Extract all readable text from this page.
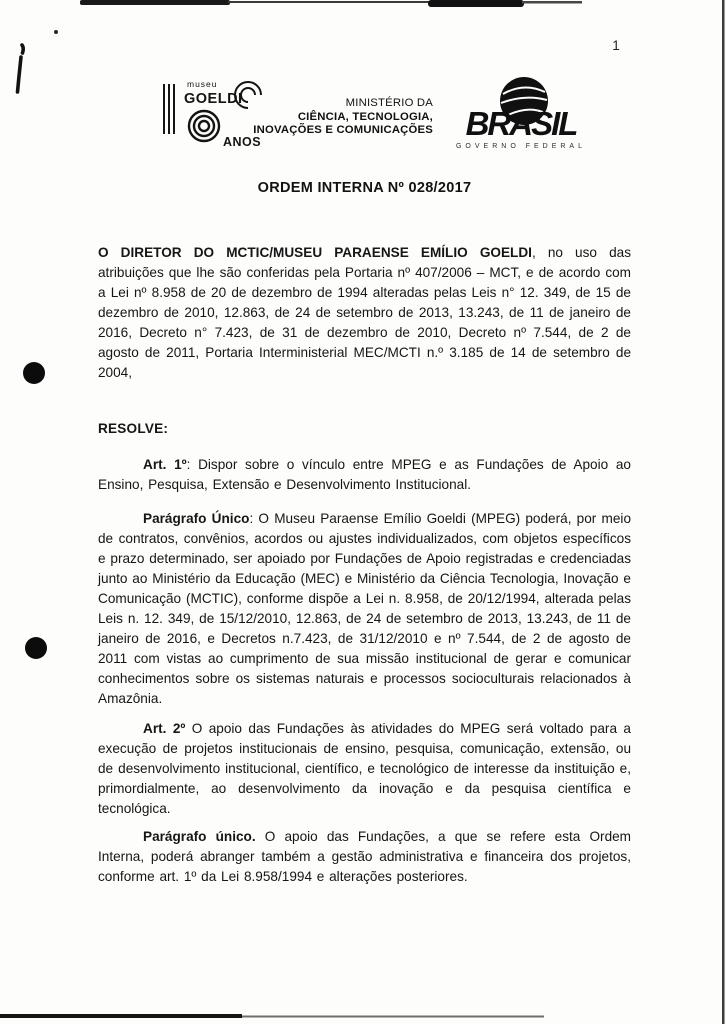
1
museu
GOELDI
ANOS
MINISTÉRIO DA
CIÊNCIA, TECNOLOGIA,
INOVAÇÕES E COMUNICAÇÕES BRASIL
GOVERNO FEDERAL
ORDEM INTERNA Nº 028/2017

O DIRETOR DO MCTIC/MUSEU PARAENSE EMÍLIO GOELDI, no uso das atribuições que lhe são conferidas pela Portaria nº 407/2006 – MCT, e de acordo com a Lei nº 8.958 de 20 de dezembro de 1994 alteradas pelas Leis n° 12. 349, de 15 de dezembro de 2010, 12.863, de 24 de setembro de 2013, 13.243, de 11 de janeiro de 2016, Decreto n° 7.423, de 31 de dezembro de 2010, Decreto nº 7.544, de 2 de agosto de 2011, Portaria Interministerial MEC/MCTI n.º 3.185 de 14 de setembro de 2004,

RESOLVE:

Art. 1º: Dispor sobre o vínculo entre MPEG e as Fundações de Apoio ao Ensino, Pesquisa, Extensão e Desenvolvimento Institucional.

Parágrafo Único: O Museu Paraense Emílio Goeldi (MPEG) poderá, por meio de contratos, convênios, acordos ou ajustes individualizados, com objetos específicos e prazo determinado, ser apoiado por Fundações de Apoio registradas e credenciadas junto ao Ministério da Educação (MEC) e Ministério da Ciência Tecnologia, Inovação e Comunicação (MCTIC), conforme dispõe a Lei n. 8.958, de 20/12/1994, alterada pelas Leis n. 12. 349, de 15/12/2010, 12.863, de 24 de setembro de 2013, 13.243, de 11 de janeiro de 2016, e Decretos n.7.423, de 31/12/2010 e nº 7.544, de 2 de agosto de 2011 com vistas ao cumprimento de sua missão institucional de gerar e comunicar conhecimentos sobre os sistemas naturais e processos socioculturais relacionados à Amazônia.

Art. 2º O apoio das Fundações às atividades do MPEG será voltado para a execução de projetos institucionais de ensino, pesquisa, comunicação, extensão, ou de desenvolvimento institucional, científico, e tecnológico de interesse da instituição e, primordialmente, ao desenvolvimento da inovação e da pesquisa científica e tecnológica.

Parágrafo único. O apoio das Fundações, a que se refere esta Ordem Interna, poderá abranger também a gestão administrativa e financeira dos projetos, conforme art. 1º da Lei 8.958/1994 e alterações posteriores.
